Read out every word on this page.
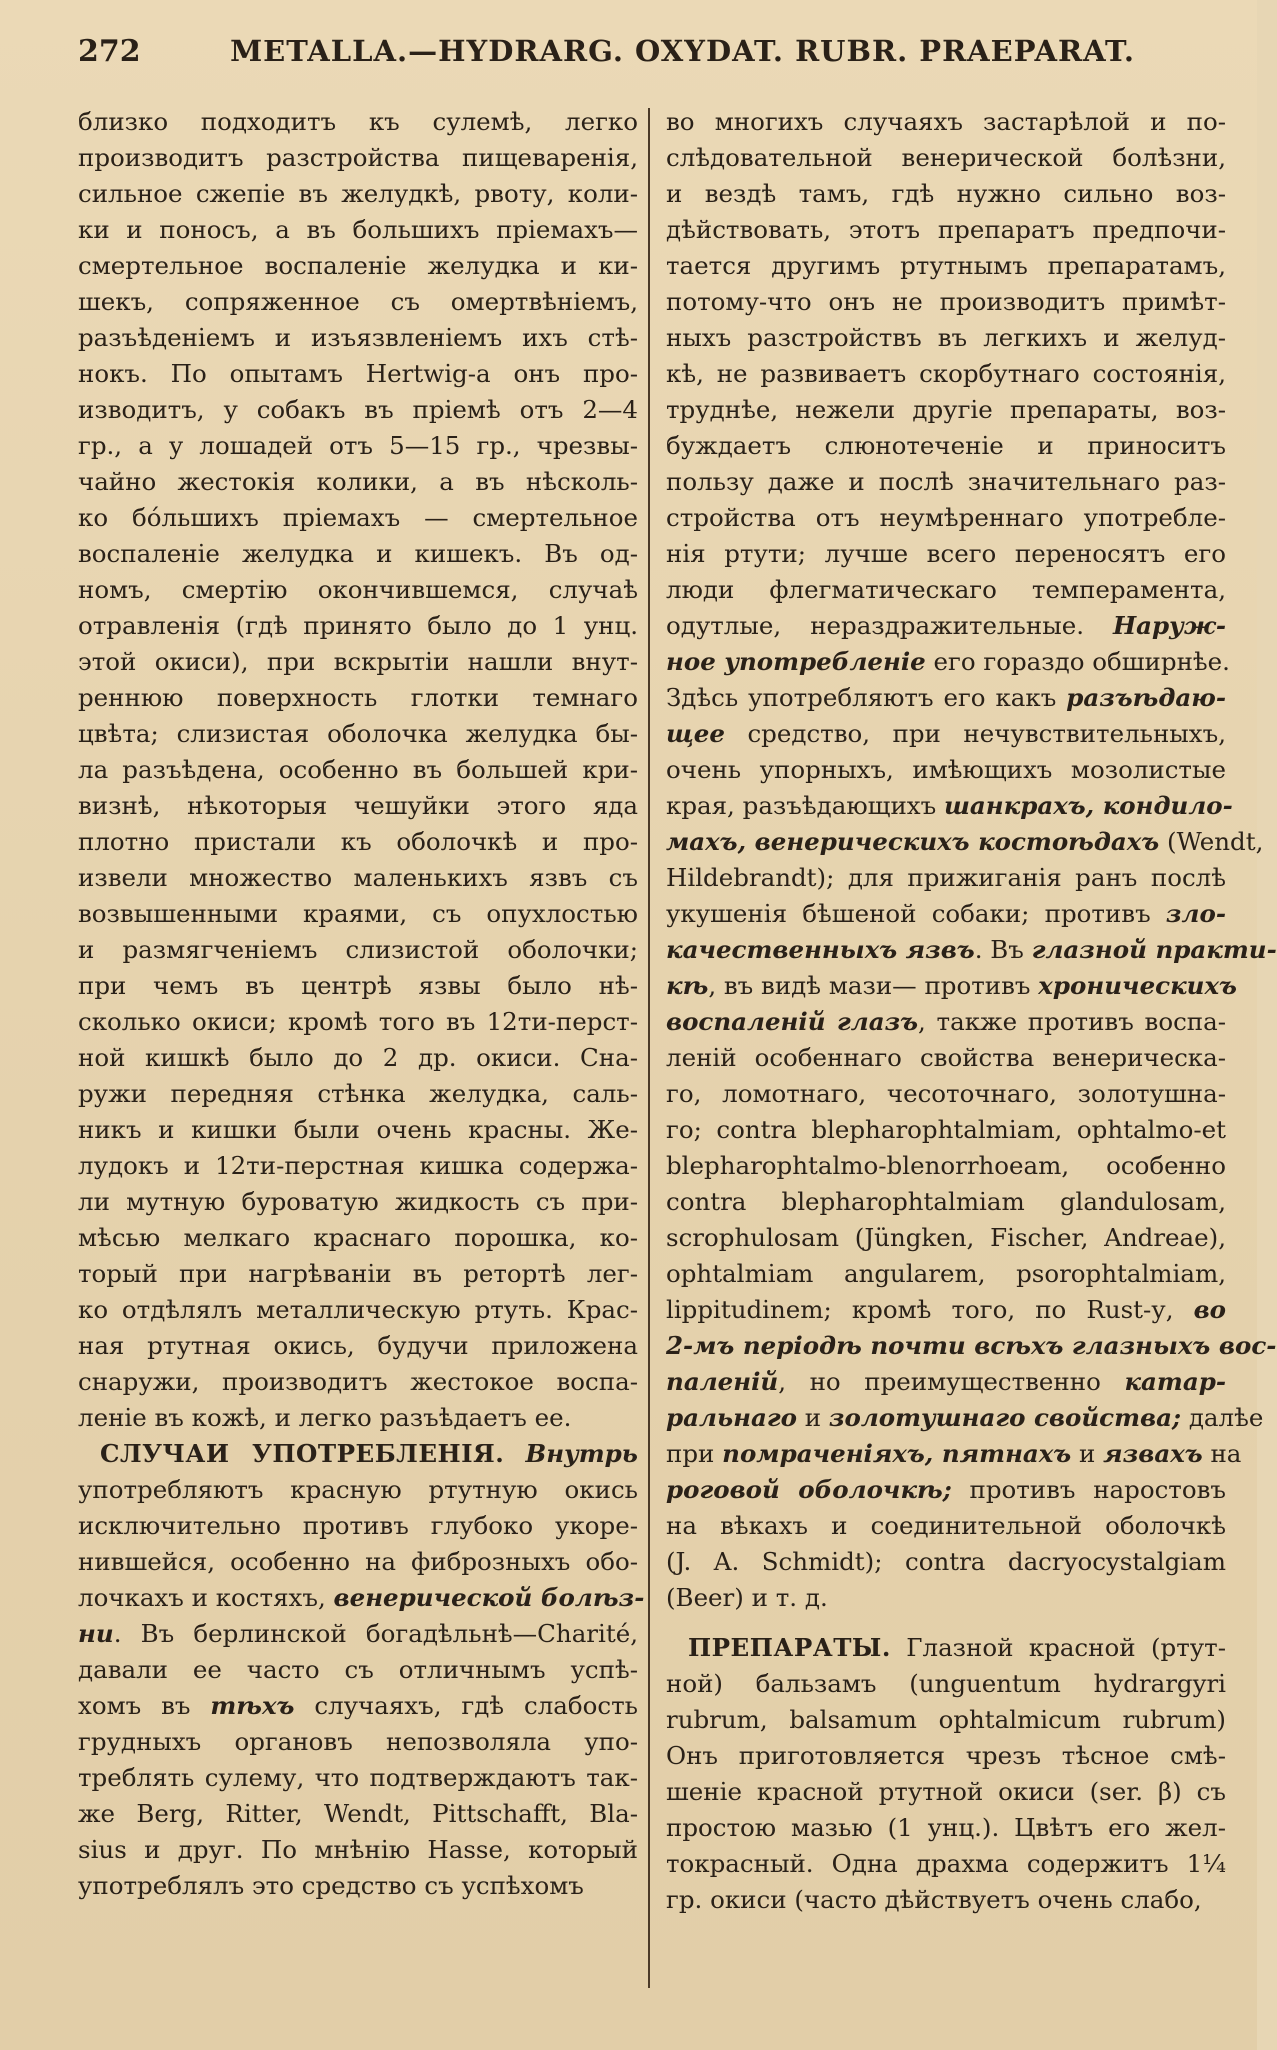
272	METALLA.—HYDRARG. OXYDAT. RUBR. PRAEPARAT.
близко подходитъ къ сулемѣ, легко
производитъ разстройства пищеваренія,
сильное сжепіе въ желудкѣ, рвоту, коли-
ки и поносъ, а въ большихъ пріемахъ—
смертельное воспаленіе желудка и ки-
шекъ, сопряженное съ омертвѣніемъ,
разъѣденіемъ и изъязвленіемъ ихъ стѣ-
нокъ. По опытамъ Hertwig-а онъ про-
изводитъ, у собакъ въ пріемѣ отъ 2—4
гр., а у лошадей отъ 5—15 гр., чрезвы-
чайно жестокія колики, а въ нѣсколь-
ко бóльшихъ пріемахъ — смертельное
воспаленіе желудка и кишекъ. Въ од-
номъ, смертію окончившемся, случаѣ
отравленія (гдѣ принято было до 1 унц.
этой окиси), при вскрытіи нашли внут-
реннюю поверхность глотки темнаго
цвѣта; слизистая оболочка желудка бы-
ла разъѣдена, особенно въ большей кри-
визнѣ, нѣкоторыя чешуйки этого яда
плотно пристали къ оболочкѣ и про-
извели множество маленькихъ язвъ съ
возвышенными краями, съ опухлостью
и размягченіемъ слизистой оболочки;
при чемъ въ центрѣ язвы было нѣ-
сколько окиси; кромѣ того въ 12ти-перст-
ной кишкѣ было до 2 др. окиси. Сна-
ружи передняя стѣнка желудка, саль-
никъ и кишки были очень красны. Же-
лудокъ и 12ти-перстная кишка содержа-
ли мутную буроватую жидкость съ при-
мѣсью мелкаго краснаго порошка, ко-
торый при нагрѣваніи въ ретортѣ лег-
ко отдѣлялъ металлическую ртуть. Крас-
ная ртутная окись, будучи приложена
снаружи, производитъ жестокое воспа-
леніе въ кожѣ, и легко разъѣдаетъ ее.
СЛУЧАИ УПОТРЕБЛЕНІЯ. Внутрь
употребляютъ красную ртутную окись
исключительно противъ глубоко укоре-
нившейся, особенно на фиброзныхъ обо-
лочкахъ и костяхъ, венерической болѣз-
ни. Въ берлинской богадѣльнѣ—Charité,
давали ее часто съ отличнымъ успѣ-
хомъ въ тѣхъ случаяхъ, гдѣ слабость
грудныхъ органовъ непозволяла упо-
треблять сулему, что подтверждаютъ так-
же Berg, Ritter, Wendt, Pittschafft, Bla-
sius и друг. По мнѣнію Hasse, который
употреблялъ это средство съ успѣхомъ
во многихъ случаяхъ застарѣлой и по-
слѣдовательной венерической болѣзни,
и вездѣ тамъ, гдѣ нужно сильно воз-
дѣйствовать, этотъ препаратъ предпочи-
тается другимъ ртутнымъ препаратамъ,
потому-что онъ не производитъ примѣт-
ныхъ разстройствъ въ легкихъ и желуд-
кѣ, не развиваетъ скорбутнаго состоянія,
труднѣе, нежели другіе препараты, воз-
буждаетъ слюнотеченіе и приноситъ
пользу даже и послѣ значительнаго раз-
стройства отъ неумѣреннаго употребле-
нія ртути; лучше всего переносятъ его
люди флегматическаго темперамента,
одутлые, нераздражительные. Наруж-
ное употребленіе его гораздо обширнѣе.
Здѣсь употребляютъ его какъ разъѣдаю-
щее средство, при нечувствительныхъ,
очень упорныхъ, имѣющихъ мозолистые
края, разъѣдающихъ шанкрахъ, кондило-
махъ, венерическихъ костоѣдахъ (Wendt,
Hildebrandt); для прижиганія ранъ послѣ
укушенія бѣшеной собаки; противъ зло-
качественныхъ язвъ. Въ глазной практи-
кѣ, въ видѣ мази— противъ хроническихъ
воспаленій глазъ, также противъ воспа-
леній особеннаго свойства венерическа-
го, ломотнаго, чесоточнаго, золотушна-
го; contra blepharophtalmiam, ophtalmo-et
blepharophtalmo-blenorrhoeam, особенно
contra blepharophtalmiam glandulosam,
scrophulosam (Jüngken, Fischer, Andreae),
ophtalmiam angularem, psorophtalmiam,
lippitudinem; кромѣ того, по Rust-у, во
2-мъ періодѣ почти всѣхъ глазныхъ вос-
паленій, но преимущественно катар-
ральнаго и золотушнаго свойства; далѣе
при помраченіяхъ, пятнахъ и язвахъ на
роговой оболочкѣ; противъ наростовъ
на вѣкахъ и соединительной оболочкѣ
(J. A. Schmidt); contra dacryocystalgiam
(Beer) и т. д.
ПРЕПАРАТЫ. Глазной красной (ртут-
ной) бальзамъ (unguentum hydrargyri
rubrum, balsamum ophtalmicum rubrum)
Онъ приготовляется чрезъ тѣсное смѣ-
шеніе красной ртутной окиси (ser. β) съ
простою мазью (1 унц.). Цвѣтъ его жел-
токрасный. Одна драхма содержитъ 1¼
гр. окиси (часто дѣйствуетъ очень слабо,
